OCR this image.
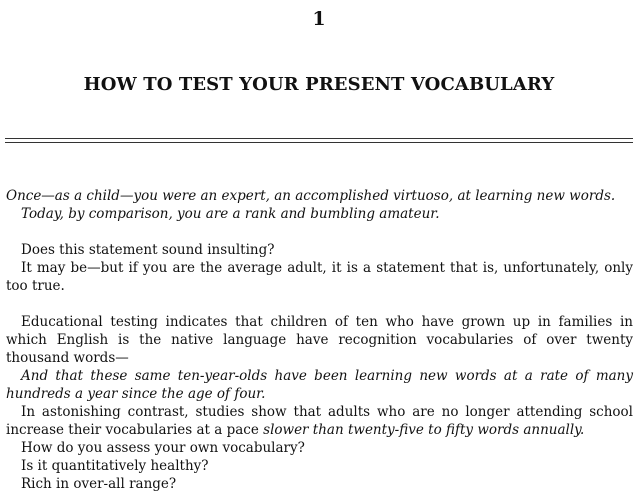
1
HOW TO TEST YOUR PRESENT VOCABULARY

Once—as a child—you were an expert, an accomplished virtuoso, at learning new words.

Today, by comparison, you are a rank and bumbling amateur.

Does this statement sound insulting?

It may be—but if you are the average adult, it is a statement that is, unfortunately, only too true.

Educational testing indicates that children of ten who have grown up in families in which English is the native language have recognition vocabularies of over twenty thousand words—

And that these same ten-year-olds have been learning new words at a rate of many hundreds a year since the age of four.

In astonishing contrast, studies show that adults who are no longer attending school increase their vocabularies at a pace slower than twenty-five to fifty words annually.

How do you assess your own vocabulary?

Is it quantitatively healthy?

Rich in over-all range?
